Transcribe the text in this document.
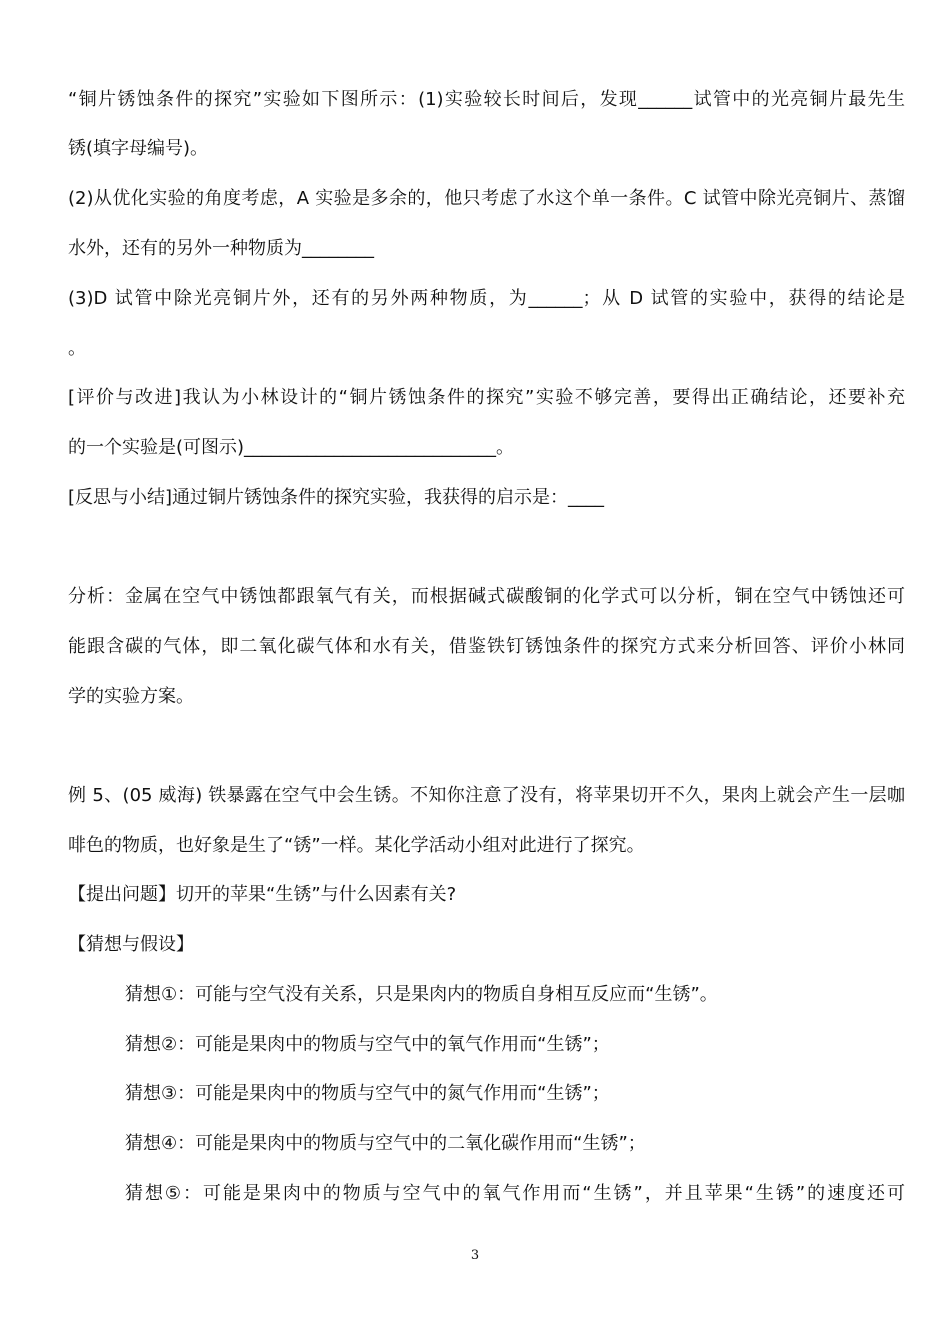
“铜片锈蚀条件的探究”实验如下图所示：(1)实验较长时间后，发现______试管中的光亮铜片最先生
锈(填字母编号)。
(2)从优化实验的角度考虑，A 实验是多余的，他只考虑了水这个单一条件。C 试管中除光亮铜片、蒸馏
水外，还有的另外一种物质为________
(3)D 试管中除光亮铜片外，还有的另外两种物质，为______；从 D 试管的实验中，获得的结论是
。
[评价与改进]我认为小林设计的“铜片锈蚀条件的探究”实验不够完善，要得出正确结论，还要补充
的一个实验是(可图示)____________________________。
[反思与小结]通过铜片锈蚀条件的探究实验，我获得的启示是：____
分析：金属在空气中锈蚀都跟氧气有关，而根据碱式碳酸铜的化学式可以分析，铜在空气中锈蚀还可
能跟含碳的气体，即二氧化碳气体和水有关，借鉴铁钉锈蚀条件的探究方式来分析回答、评价小林同
学的实验方案。
例 5、(05 威海) 铁暴露在空气中会生锈。不知你注意了没有，将苹果切开不久，果肉上就会产生一层咖
啡色的物质，也好象是生了“锈”一样。某化学活动小组对此进行了探究。
【提出问题】切开的苹果“生锈”与什么因素有关?
【猜想与假设】
猜想①：可能与空气没有关系，只是果肉内的物质自身相互反应而“生锈”。
猜想②：可能是果肉中的物质与空气中的氧气作用而“生锈”；
猜想③：可能是果肉中的物质与空气中的氮气作用而“生锈”；
猜想④：可能是果肉中的物质与空气中的二氧化碳作用而“生锈”；
猜想⑤：可能是果肉中的物质与空气中的氧气作用而“生锈”，并且苹果“生锈”的速度还可
3
